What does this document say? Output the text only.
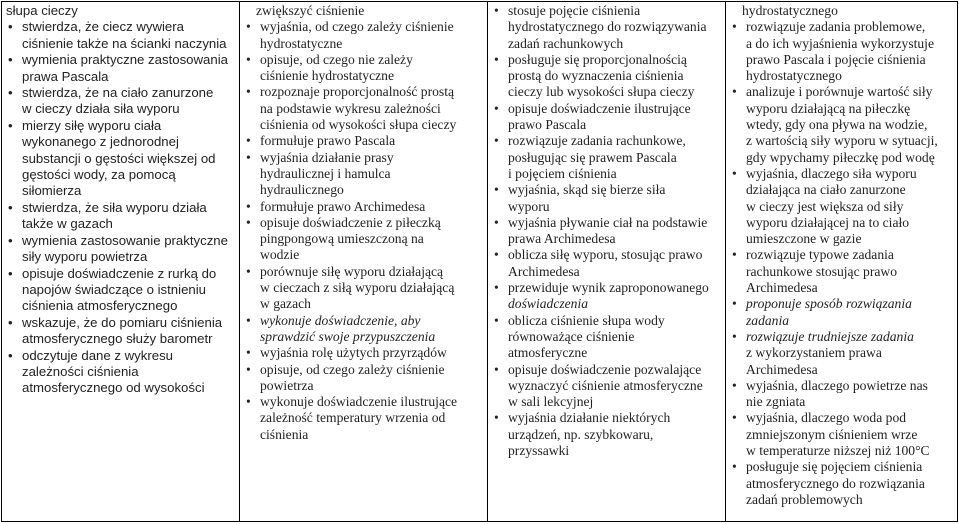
słupa cieczy
• stwierdza, że ciecz wywiera
ciśnienie także na ścianki naczynia
• wymienia praktyczne zastosowania
prawa Pascala
• stwierdza, że na ciało zanurzone
w cieczy działa siła wyporu
• mierzy siłę wyporu ciała
wykonanego z jednorodnej
substancji o gęstości większej od
gęstości wody, za pomocą
siłomierza
• stwierdza, że siła wyporu działa
także w gazach
• wymienia zastosowanie praktyczne
siły wyporu powietrza
• opisuje doświadczenie z rurką do
napojów świadczące o istnieniu
ciśnienia atmosferycznego
• wskazuje, że do pomiaru ciśnienia
atmosferycznego służy barometr
• odczytuje dane z wykresu
zależności ciśnienia
atmosferycznego od wysokości

zwiększyć ciśnienie
• wyjaśnia, od czego zależy ciśnienie
hydrostatyczne
• opisuje, od czego nie zależy
ciśnienie hydrostatyczne
• rozpoznaje proporcjonalność prostą
na podstawie wykresu zależności
ciśnienia od wysokości słupa cieczy
• formułuje prawo Pascala
• wyjaśnia działanie prasy
hydraulicznej i hamulca
hydraulicznego
• formułuje prawo Archimedesa
• opisuje doświadczenie z piłeczką
pingpongową umieszczoną na
wodzie
• porównuje siłę wyporu działającą
w cieczach z siłą wyporu działającą
w gazach
• wykonuje doświadczenie, aby
sprawdzić swoje przypuszczenia
• wyjaśnia rolę użytych przyrządów
• opisuje, od czego zależy ciśnienie
powietrza
• wykonuje doświadczenie ilustrujące
zależność temperatury wrzenia od
ciśnienia

• stosuje pojęcie ciśnienia
hydrostatycznego do rozwiązywania
zadań rachunkowych
• posługuje się proporcjonalnością
prostą do wyznaczenia ciśnienia
cieczy lub wysokości słupa cieczy
• opisuje doświadczenie ilustrujące
prawo Pascala
• rozwiązuje zadania rachunkowe,
posługując się prawem Pascala
i pojęciem ciśnienia
• wyjaśnia, skąd się bierze siła
wyporu
• wyjaśnia pływanie ciał na podstawie
prawa Archimedesa
• oblicza siłę wyporu, stosując prawo
Archimedesa
• przewiduje wynik zaproponowanego
doświadczenia
• oblicza ciśnienie słupa wody
równoważące ciśnienie
atmosferyczne
• opisuje doświadczenie pozwalające
wyznaczyć ciśnienie atmosferyczne
w sali lekcyjnej
• wyjaśnia działanie niektórych
urządzeń, np. szybkowaru,
przyssawki

hydrostatycznego
• rozwiązuje zadania problemowe,
a do ich wyjaśnienia wykorzystuje
prawo Pascala i pojęcie ciśnienia
hydrostatycznego
• analizuje i porównuje wartość siły
wyporu działającą na piłeczkę
wtedy, gdy ona pływa na wodzie,
z wartością siły wyporu w sytuacji,
gdy wpychamy piłeczkę pod wodę
• wyjaśnia, dlaczego siła wyporu
działająca na ciało zanurzone
w cieczy jest większa od siły
wyporu działającej na to ciało
umieszczone w gazie
• rozwiązuje typowe zadania
rachunkowe stosując prawo
Archimedesa
• proponuje sposób rozwiązania
zadania
• rozwiązuje trudniejsze zadania
z wykorzystaniem prawa
Archimedesa
• wyjaśnia, dlaczego powietrze nas
nie zgniata
• wyjaśnia, dlaczego woda pod
zmniejszonym ciśnieniem wrze
w temperaturze niższej niż 100°C
• posługuje się pojęciem ciśnienia
atmosferycznego do rozwiązania
zadań problemowych
